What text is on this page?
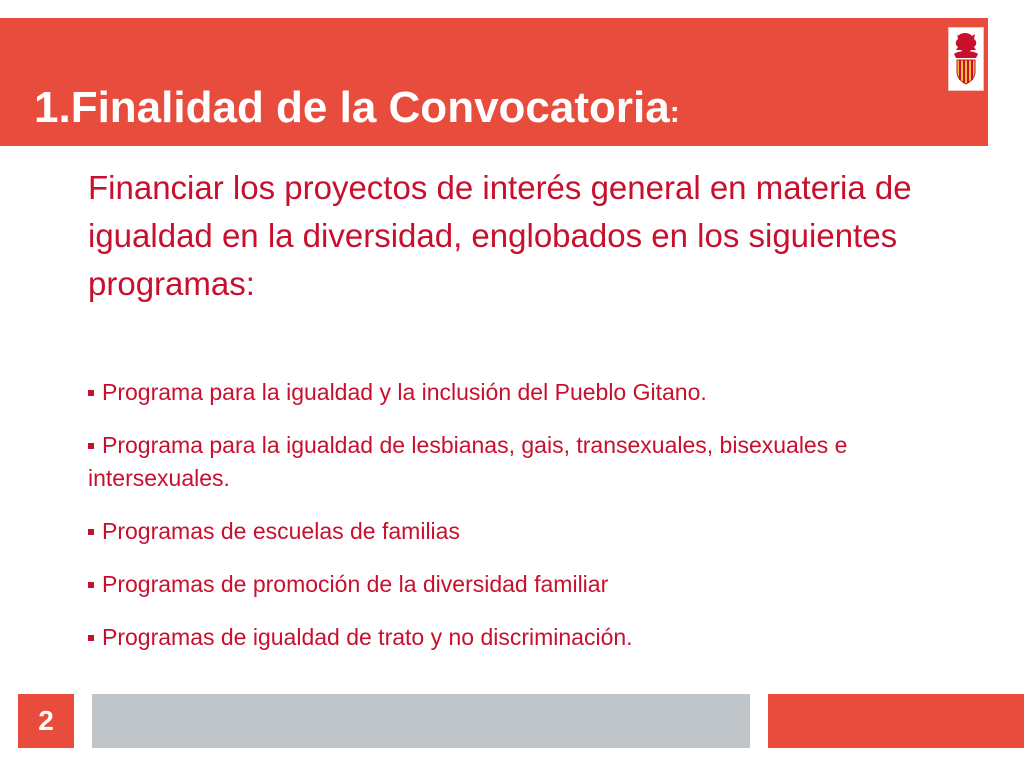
1.Finalidad de la Convocatoria:

Financiar los proyectos de interés general en materia de igualdad en la diversidad, englobados en los siguientes programas:

Programa para la igualdad y la inclusión del Pueblo Gitano.
Programa para la igualdad de lesbianas, gais, transexuales, bisexuales e intersexuales.
Programas de escuelas de familias
Programas de promoción de la diversidad familiar
Programas de igualdad de trato y no discriminación.
2
